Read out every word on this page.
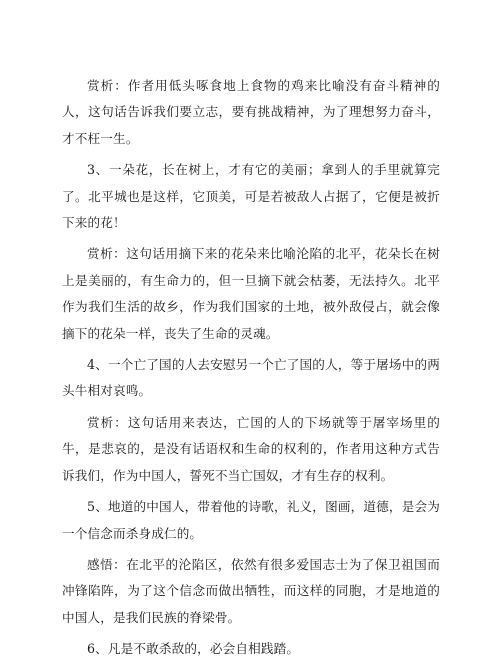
赏析：作者用低头啄食地上食物的鸡来比喻没有奋斗精神的人，这句话告诉我们要立志，要有挑战精神，为了理想努力奋斗，才不枉一生。

3、一朵花，长在树上，才有它的美丽；拿到人的手里就算完了。北平城也是这样，它顶美，可是若被敌人占据了，它便是被折下来的花！

赏析：这句话用摘下来的花朵来比喻沦陷的北平，花朵长在树上是美丽的，有生命力的，但一旦摘下就会枯萎，无法持久。北平作为我们生活的故乡，作为我们国家的土地，被外敌侵占，就会像摘下的花朵一样，丧失了生命的灵魂。

4、一个亡了国的人去安慰另一个亡了国的人，等于屠场中的两头牛相对哀鸣。

赏析：这句话用来表达，亡国的人的下场就等于屠宰场里的牛，是悲哀的，是没有话语权和生命的权利的，作者用这种方式告诉我们，作为中国人，誓死不当亡国奴，才有生存的权利。

5、地道的中国人，带着他的诗歌，礼义，图画，道德，是会为一个信念而杀身成仁的。

感悟：在北平的沦陷区，依然有很多爱国志士为了保卫祖国而冲锋陷阵，为了这个信念而做出牺牲，而这样的同胞，才是地道的中国人，是我们民族的脊梁骨。

6、凡是不敢杀敌的，必会自相践踏。
